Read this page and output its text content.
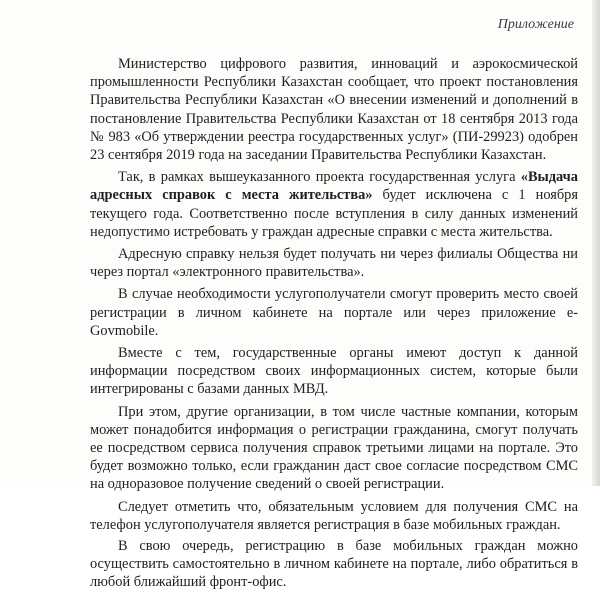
Приложение

Министерство цифрового развития, инноваций и аэрокосмической промышленности Республики Казахстан сообщает, что проект постановления Правительства Республики Казахстан «О внесении изменений и дополнений в постановление Правительства Республики Казахстан от 18 сентября 2013 года № 983 «Об утверждении реестра государственных услуг» (ПИ-29923) одобрен 23 сентября 2019 года на заседании Правительства Республики Казахстан.

Так, в рамках вышеуказанного проекта государственная услуга «Выдача адресных справок с места жительства» будет исключена с 1 ноября текущего года. Соответственно после вступления в силу данных изменений недопустимо истребовать у граждан адресные справки с места жительства.

Адресную справку нельзя будет получать ни через филиалы Общества ни через портал «электронного правительства».

В случае необходимости услугополучатели смогут проверить место своей регистрации в личном кабинете на портале или через приложение e-Govmobile.

Вместе с тем, государственные органы имеют доступ к данной информации посредством своих информационных систем, которые были интегрированы с базами данных МВД.

При этом, другие организации, в том числе частные компании, которым может понадобится информация о регистрации гражданина, смогут получать ее посредством сервиса получения справок третьими лицами на портале. Это будет возможно только, если гражданин даст свое согласие посредством СМС на одноразовое получение сведений о своей регистрации.

Следует отметить что, обязательным условием для получения СМС на телефон услугополучателя является регистрация в базе мобильных граждан.

В свою очередь, регистрацию в базе мобильных граждан можно осуществить самостоятельно в личном кабинете на портале, либо обратиться в любой ближайший фронт-офис.
